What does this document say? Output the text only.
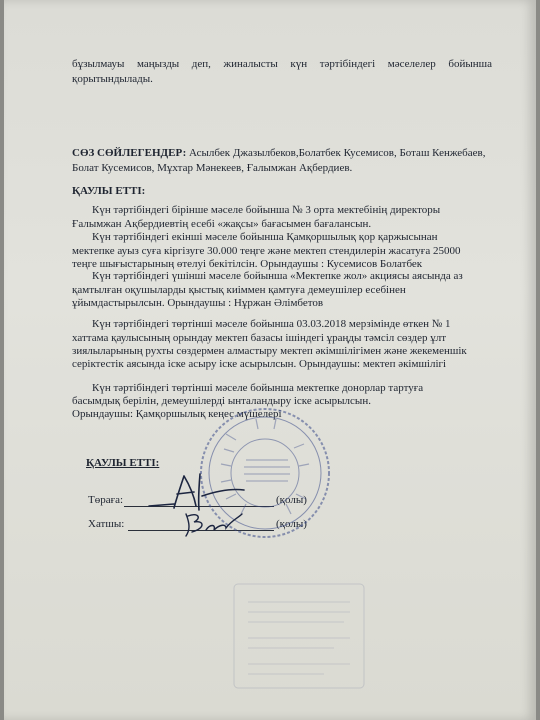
бұзылмауы маңызды деп, жиналысты күн тәртібіндегі мәселелер бойынша
қорытындылады.
СӨЗ СӨЙЛЕГЕНДЕР: Асылбек Джазылбеков,Болатбек Кусемисов, Боташ Кенжебаев,
Болат Кусемисов, Мұхтар Мәнекеев, Ғалымжан Ақбердиев.
ҚАУЛЫ ЕТТІ:
Күн тәртібіндегі бірінше мәселе бойынша № 3 орта мектебінің директоры
Ғалымжан Ақбердиевтің есебі «жақсы» бағасымен бағалансын.
Күн тәртібіндегі екінші мәселе бойынша Қамқоршылық қор қаржысынан
мектепке ауыз суға кіргізуге 30.000 теңге және мектеп стендилерін жасатуға 25000
теңге шығыстарының өтелуі бекітілсін. Орындаушы : Кусемисов Болатбек
Күн тәртібіндегі үшінші мәселе бойынша «Мектепке жол» акциясы аясында аз
қамтылған оқушыларды қыстық киіммен қамтуға демеушілер есебінен
ұйымдастырылсын. Орындаушы : Нұржан Әлімбетов
Күн тәртібіндегі төртінші мәселе бойынша 03.03.2018 мерзімінде өткен № 1
хаттама қаулысының орындау мектеп базасы ішіндегі ұраңды тәмсіл сөздер ұлт
зиялыларының рухты сөздермен алмастыру мектеп әкімшілігімен және жекеменшік
серіктестік аясында іске асыру іске асырылсын. Орындаушы: мектеп әкімшілігі
Күн тәртібіндегі төртінші мәселе бойынша мектепке донорлар тартуға
басымдық берілін, демеушілерді ынталандыру іске асырылсын.
Орындаушы: Қамқоршылық кеңес мүшелері
ҚАУЛЫ ЕТТІ:
Төраға:	(қолы)
Хатшы:	(қолы)
